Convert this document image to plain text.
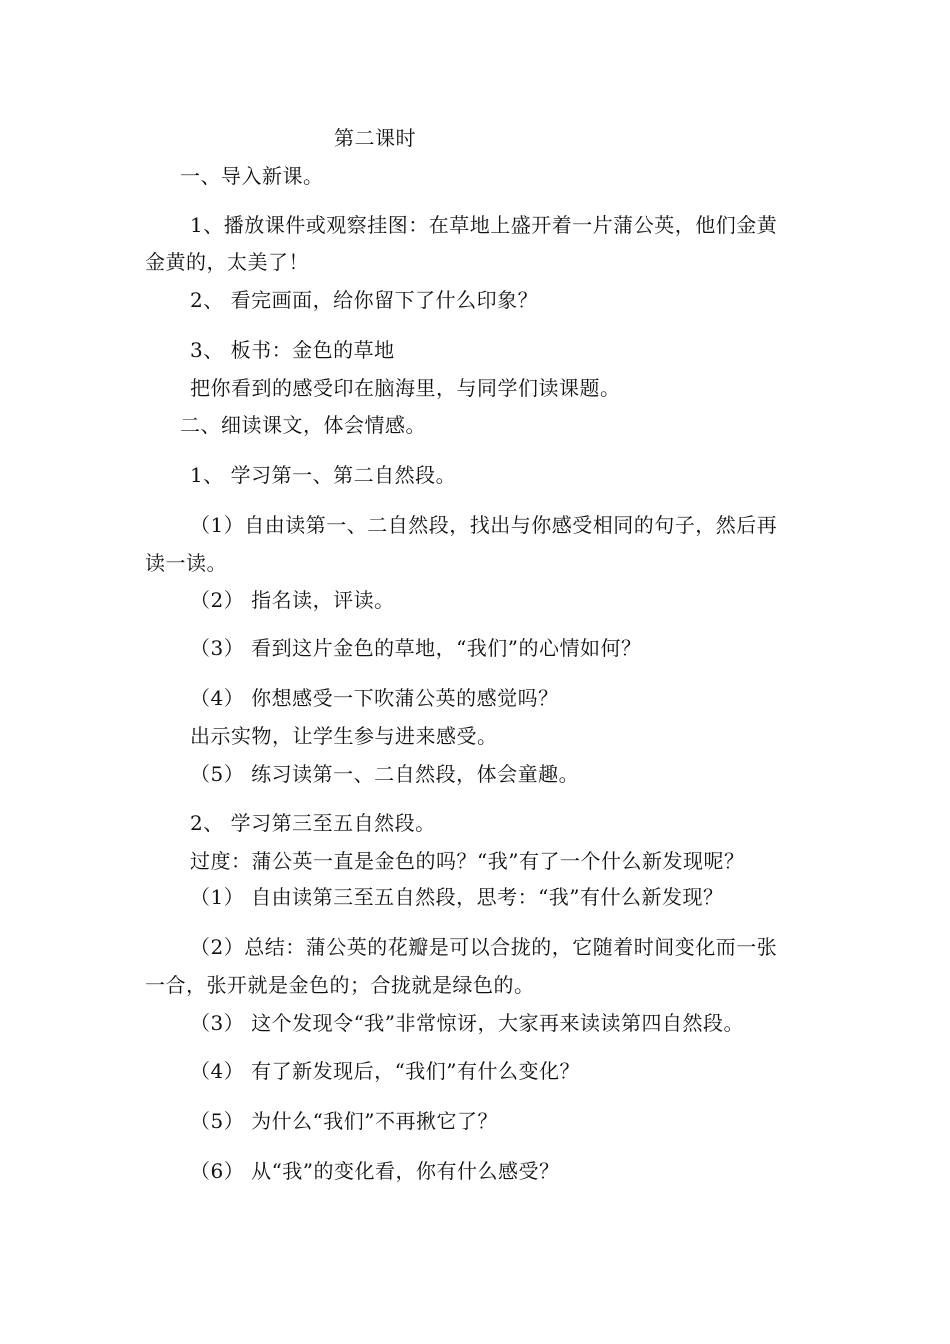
第二课时
一、导入新课。
1、播放课件或观察挂图：在草地上盛开着一片蒲公英，他们金黄
金黄的，太美了！
2、 看完画面，给你留下了什么印象？
3、 板书：金色的草地
把你看到的感受印在脑海里，与同学们读课题。
二、细读课文，体会情感。
1、 学习第一、第二自然段。
（1）自由读第一、二自然段，找出与你感受相同的句子，然后再
读一读。
（2） 指名读，评读。
（3） 看到这片金色的草地，“我们”的心情如何？
（4） 你想感受一下吹蒲公英的感觉吗？
出示实物，让学生参与进来感受。
（5） 练习读第一、二自然段，体会童趣。
2、 学习第三至五自然段。
过度：蒲公英一直是金色的吗？“我”有了一个什么新发现呢？
（1） 自由读第三至五自然段，思考：“我”有什么新发现？
（2）总结：蒲公英的花瓣是可以合拢的，它随着时间变化而一张
一合，张开就是金色的；合拢就是绿色的。
（3） 这个发现令“我”非常惊讶，大家再来读读第四自然段。
（4） 有了新发现后，“我们”有什么变化？
（5） 为什么“我们”不再揪它了？
（6） 从“我”的变化看，你有什么感受？
